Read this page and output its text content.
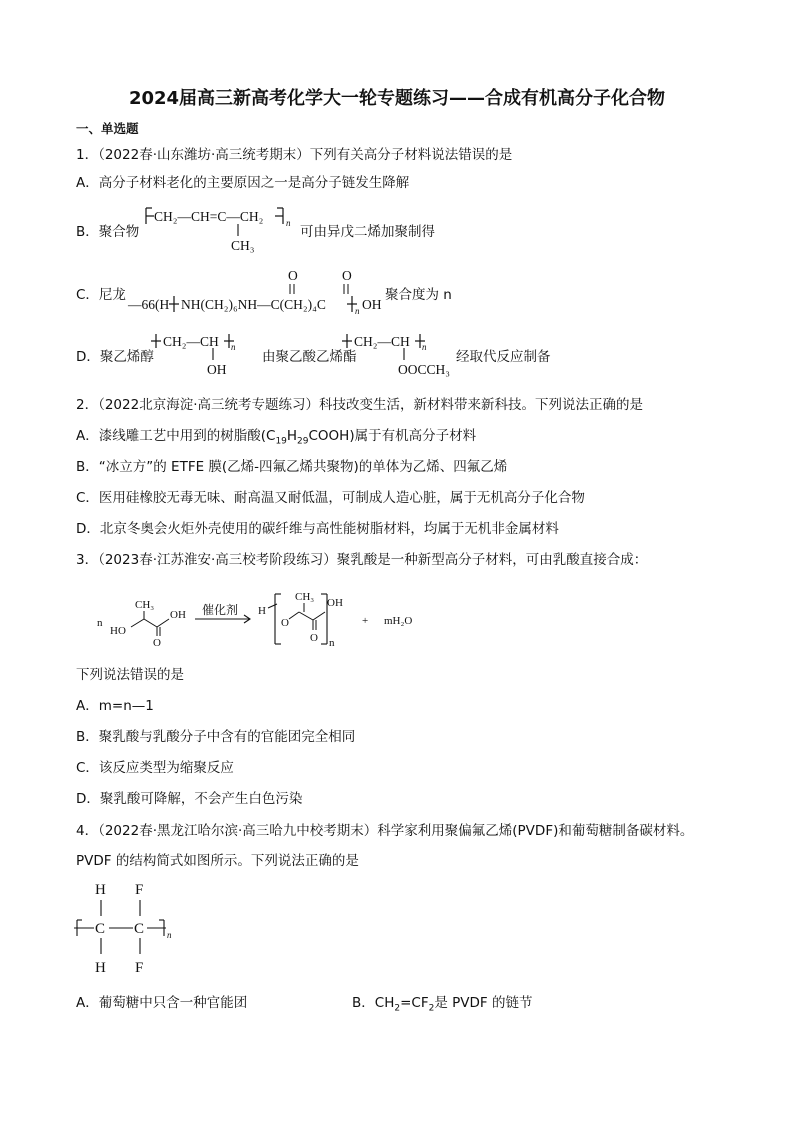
2024届高三新高考化学大一轮专题练习——合成有机高分子化合物
一、单选题
1．（2022春·山东潍坊·高三统考期末）下列有关高分子材料说法错误的是
A．高分子材料老化的主要原因之一是高分子链发生降解
B．聚合物
CH₂—CH=C—CH₂	n
CH₃
可由异戊二烯加聚制得
C．尼龙
O	O
—66(H NH(CH₂)₆NH—C(CH₂)₄C	n OH
聚合度为 n
D．聚乙烯醇
CH₂—CH n
OH
由聚乙酸乙烯酯
CH₂—CH n
OOCCH₃
经取代反应制备
2．（2022北京海淀·高三统考专题练习）科技改变生活，新材料带来新科技。下列说法正确的是
A．漆线雕工艺中用到的树脂酸$(C_{19}H_{29}COOH)$属于有机高分子材料
B．“冰立方”的 ETFE 膜(乙烯-四氟乙烯共聚物)的单体为乙烯、四氟乙烯
C．医用硅橡胶无毒无味、耐高温又耐低温，可制成人造心脏，属于无机高分子化合物
D．北京冬奥会火炬外壳使用的碳纤维与高性能树脂材料，均属于无机非金属材料
3．（2023春·江苏淮安·高三校考阶段练习）聚乳酸是一种新型高分子材料，可由乳酸直接合成：
n
CH₃
HO
O
OH 催化剂 H
O
CH₃
O
OH
n
+ mH₂O
下列说法错误的是
A．m=n—1
B．聚乳酸与乳酸分子中含有的官能团完全相同
C．该反应类型为缩聚反应
D．聚乳酸可降解，不会产生白色污染
4．（2022春·黑龙江哈尔滨·高三哈九中校考期末）科学家利用聚偏氟乙烯(PVDF)和葡萄糖制备碳材料。
PVDF 的结构简式如图所示。下列说法正确的是
H F
C C	n
H F
A．葡萄糖中只含一种官能团	B．$CH_2=CF_2$是 PVDF 的链节
